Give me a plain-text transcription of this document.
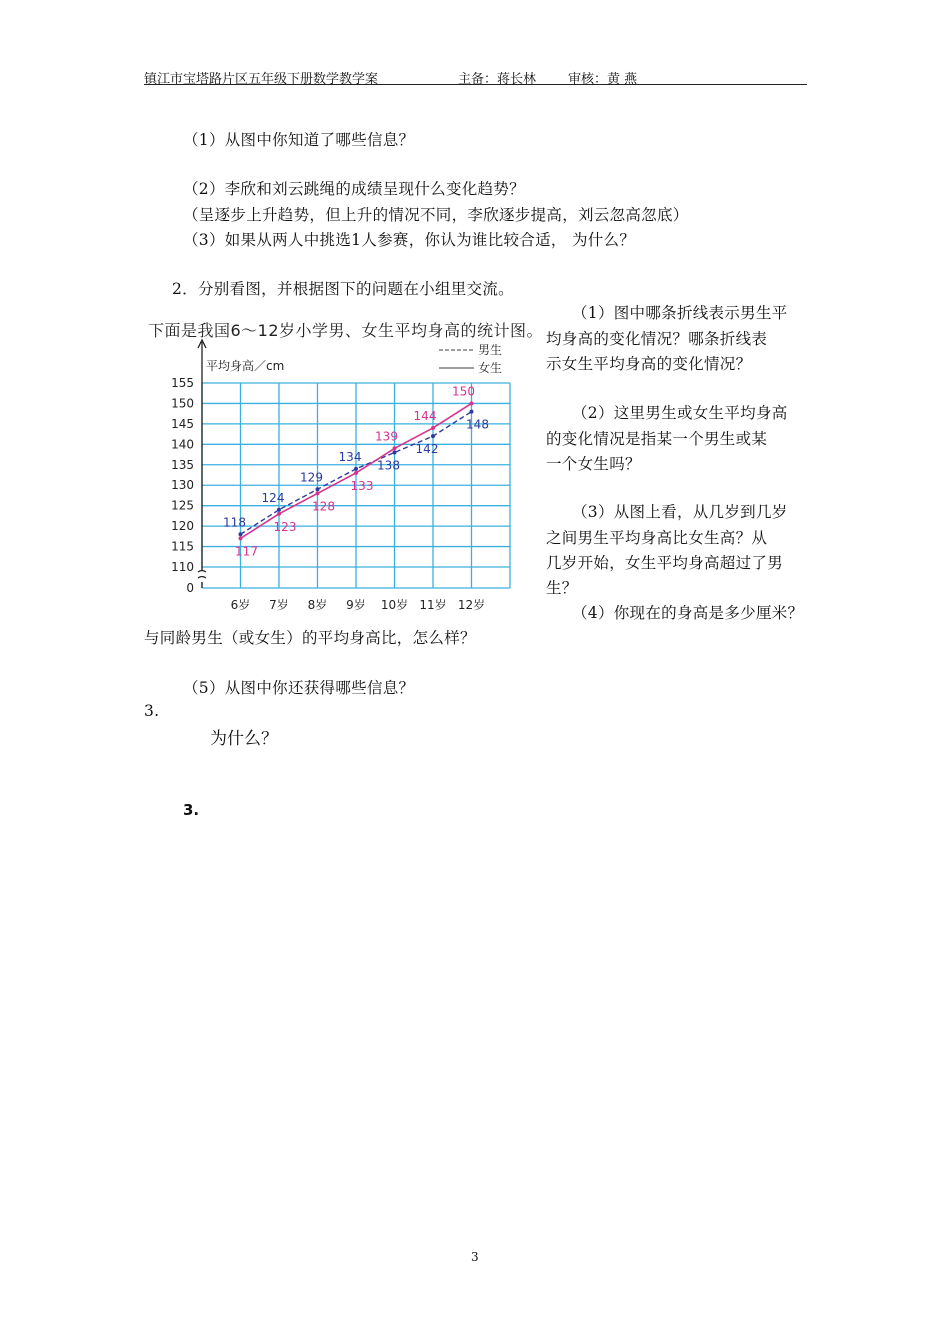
镇江市宝塔路片区五年级下册数学教学案	主备：蒋长林 审核：黄 燕
（1）从图中你知道了哪些信息？
（2）李欣和刘云跳绳的成绩呈现什么变化趋势？
（呈逐步上升趋势，但上升的情况不同，李欣逐步提高，刘云忽高忽底）
（3）如果从两人中挑选1人参赛，你认为谁比较合适， 为什么？
2．分别看图，并根据图下的问题在小组里交流。
（1）图中哪条折线表示男生平
均身高的变化情况？哪条折线表
示女生平均身高的变化情况？
（2）这里男生或女生平均身高
的变化情况是指某一个男生或某
一个女生吗？
（3）从图上看，从几岁到几岁
之间男生平均身高比女生高？从
几岁开始，女生平均身高超过了男
生？
（4）你现在的身高是多少厘米？
下面是我国6～12岁小学男、女生平均身高的统计图。
平均身高／cm
155
150
145
140
135
130
125
120
115
110
0
6岁 7岁 8岁 9岁 10岁 11岁 12岁
男生
女生
118
124
129
134
138
142
148
117
123
128
133
139
144
150
与同龄男生（或女生）的平均身高比，怎么样？
（5）从图中你还获得哪些信息？
3.
为什么？
3.
3
